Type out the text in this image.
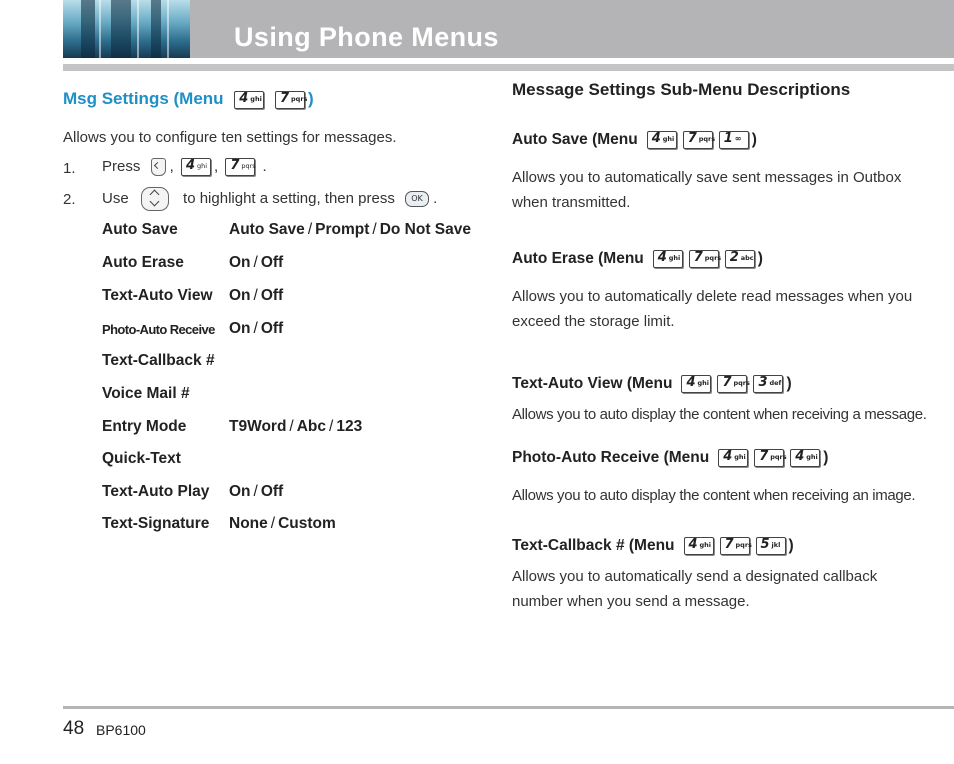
Using Phone Menus
Msg Settings (Menu 4 ghi
7 pqrs )
Allows you to configure ten settings for messages.
1. Press  , 4 ghi , 7 pqrs .
2. Use	to highlight a setting, then press OK .
Auto Save	Auto Save / Prompt / Do Not Save
Auto Erase	On / Off
Text-Auto View On / Off
Photo-Auto Receive On / Off
Text-Callback #
Voice Mail #
Entry Mode	T9Word / Abc / 123
Quick-Text
Text-Auto Play On / Off
Text-Signature None / Custom
Message Settings Sub-Menu Descriptions
Auto Save (Menu 4 ghi 7 pqrs 1 ∞ )
Allows you to automatically save sent messages in Outbox
when transmitted.
Auto Erase (Menu 4 ghi 7 pqrs 2 abc )
Allows you to automatically delete read messages when you
exceed the storage limit.
Text-Auto View (Menu 4 ghi 7 pqrs 3 def )
Allows you to auto display the content when receiving a message.
Photo-Auto Receive (Menu 4 ghi 7 pqrs 4 ghi )
Allows you to auto display the content when receiving an image.
Text-Callback # (Menu 4 ghi 7 pqrs 5 jkl )
Allows you to automatically send a designated callback
number when you send a message.
48 BP6100
